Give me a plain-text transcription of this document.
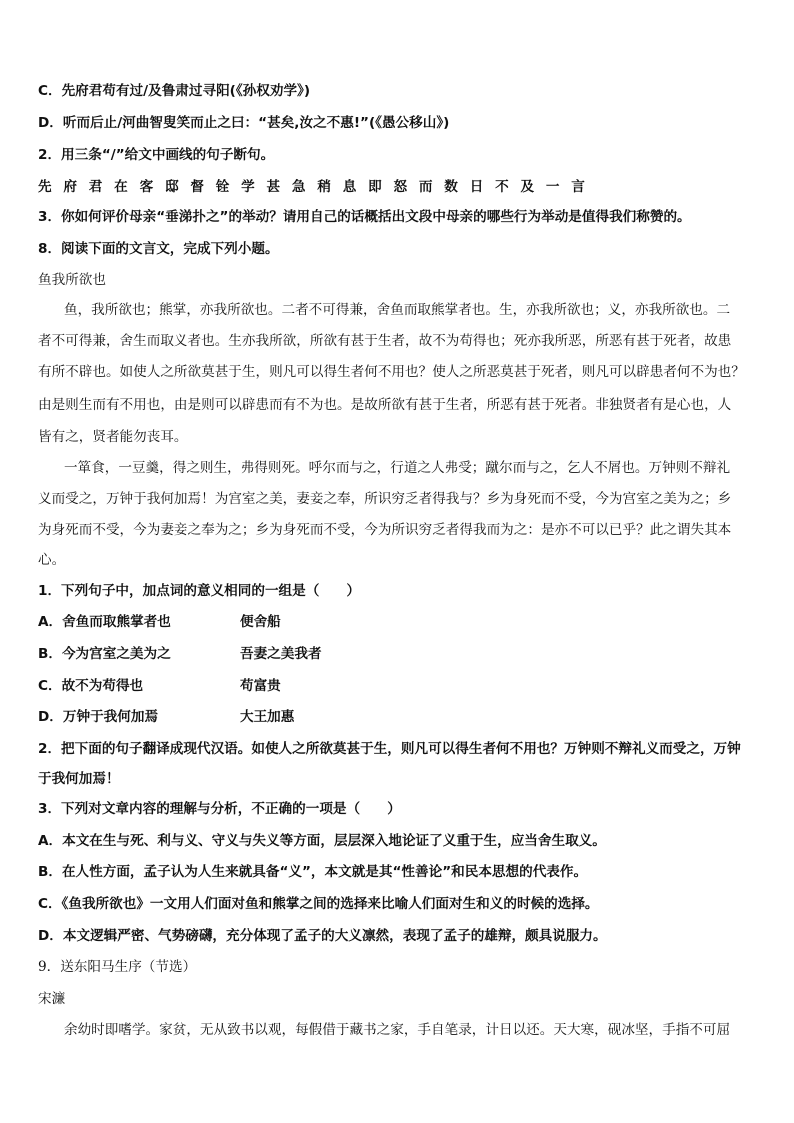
C．先府君苟有过/及鲁肃过寻阳(《孙权劝学》)
D．听而后止/河曲智叟笑而止之曰：“甚矣,汝之不惠!”(《愚公移山》)
2．用三条“/”给文中画线的句子断句。
先府君在客邸督铨学甚急稍息即怒而数日不及一言
3．你如何评价母亲“垂涕扑之”的举动？请用自己的话概括出文段中母亲的哪些行为举动是值得我们称赞的。
8．阅读下面的文言文，完成下列小题。
鱼我所欲也
鱼，我所欲也；熊掌，亦我所欲也。二者不可得兼，舍鱼而取熊掌者也。生，亦我所欲也；义，亦我所欲也。二
者不可得兼，舍生而取义者也。生亦我所欲，所欲有甚于生者，故不为苟得也；死亦我所恶，所恶有甚于死者，故患
有所不辟也。如使人之所欲莫甚于生，则凡可以得生者何不用也？使人之所恶莫甚于死者，则凡可以辟患者何不为也？
由是则生而有不用也，由是则可以辟患而有不为也。是故所欲有甚于生者，所恶有甚于死者。非独贤者有是心也，人
皆有之，贤者能勿丧耳。
一箪食，一豆羹，得之则生，弗得则死。呼尔而与之，行道之人弗受；蹴尔而与之，乞人不屑也。万钟则不辩礼
义而受之，万钟于我何加焉！为宫室之美，妻妾之奉，所识穷乏者得我与？乡为身死而不受，今为宫室之美为之；乡
为身死而不受，今为妻妾之奉为之；乡为身死而不受，今为所识穷乏者得我而为之：是亦不可以已乎？此之谓失其本
心。
1．下列句子中，加点词的意义相同的一组是（　　）
A．舍鱼而取熊掌者也	便舍船
B．今为宫室之美为之	吾妻之美我者
C．故不为苟得也	苟富贵
D．万钟于我何加焉	大王加惠
2．把下面的句子翻译成现代汉语。如使人之所欲莫甚于生，则凡可以得生者何不用也？万钟则不辩礼义而受之，万钟
于我何加焉！
3．下列对文章内容的理解与分析，不正确的一项是（　　）
A．本文在生与死、利与义、守义与失义等方面，层层深入地论证了义重于生，应当舍生取义。
B．在人性方面，孟子认为人生来就具备“义”，本文就是其“性善论”和民本思想的代表作。
C．《鱼我所欲也》一文用人们面对鱼和熊掌之间的选择来比喻人们面对生和义的时候的选择。
D．本文逻辑严密、气势磅礴，充分体现了孟子的大义凛然，表现了孟子的雄辩，颇具说服力。
9．送东阳马生序（节选）
宋濂
余幼时即嗜学。家贫，无从致书以观，每假借于藏书之家，手自笔录，计日以还。天大寒，砚冰坚，手指不可屈
